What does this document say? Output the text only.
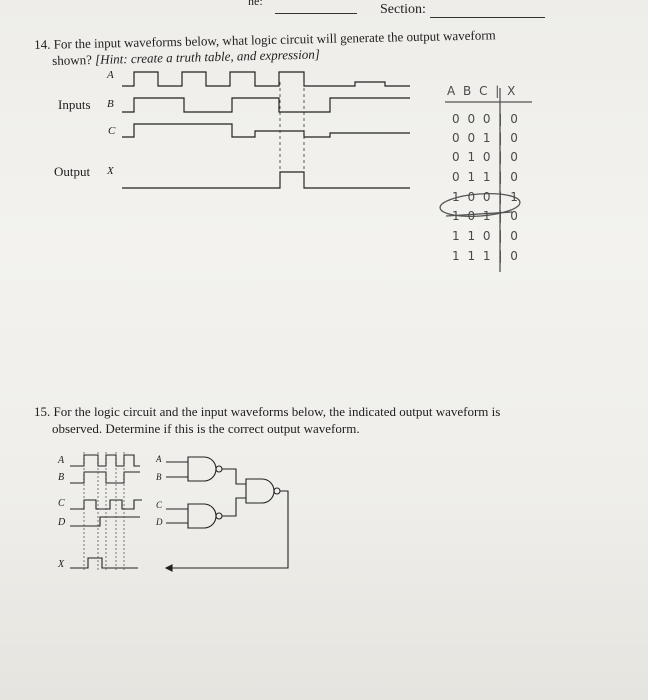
ne:
Section:
14. For the input waveforms below, what logic circuit will generate the output waveform
shown? [Hint: create a truth table, and expression]
A
Inputs B
C
Output X
A B C | X
0 0 0 | 0
0 0 1 | 0
0 1 0 | 0
0 1 1 | 0
1 0 0 | 1
1 0 1 | 0
1 1 0 | 0
1 1 1 | 0
15. For the logic circuit and the input waveforms below, the indicated output waveform is
observed. Determine if this is the correct output waveform.
A
B
C
D
X
A
B
C
D
